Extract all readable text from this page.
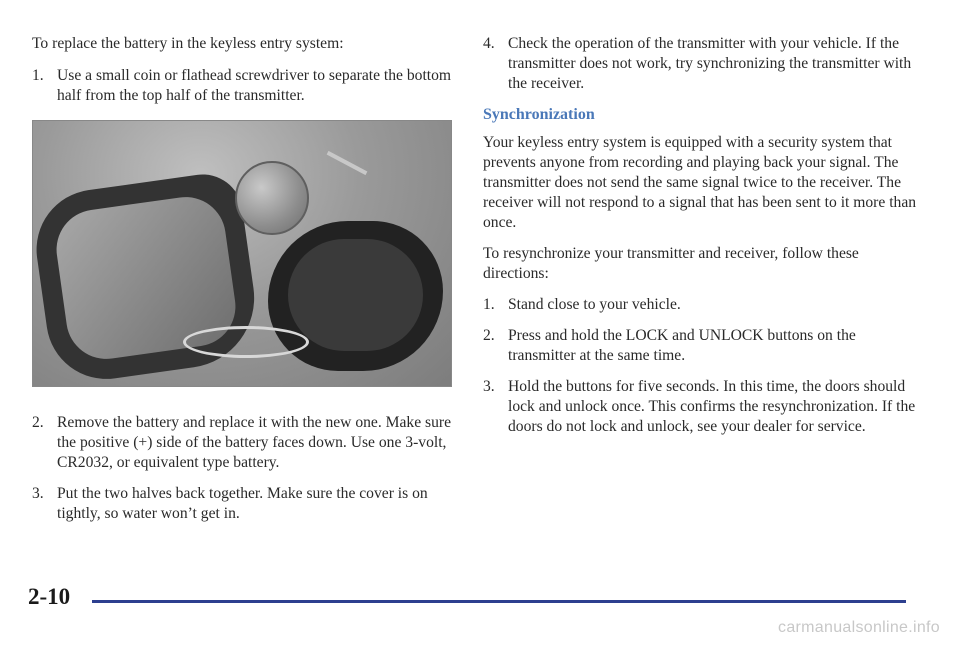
To replace the battery in the keyless entry system:

1. Use a small coin or flathead screwdriver to separate the bottom half from the top half of the transmitter.
2. Remove the battery and replace it with the new one. Make sure the positive (+) side of the battery faces down. Use one 3-volt, CR2032, or equivalent type battery.
3. Put the two halves back together. Make sure the cover is on tightly, so water won’t get in.
4. Check the operation of the transmitter with your vehicle. If the transmitter does not work, try synchronizing the transmitter with the receiver.
Synchronization

Your keyless entry system is equipped with a security system that prevents anyone from recording and playing back your signal. The transmitter does not send the same signal twice to the receiver. The receiver will not respond to a signal that has been sent to it more than once.

To resynchronize your transmitter and receiver, follow these directions:

1. Stand close to your vehicle.
2. Press and hold the LOCK and UNLOCK buttons on the transmitter at the same time.
3. Hold the buttons for five seconds. In this time, the doors should lock and unlock once. This confirms the resynchronization. If the doors do not lock and unlock, see your dealer for service.
2-10
carmanualsonline.info
